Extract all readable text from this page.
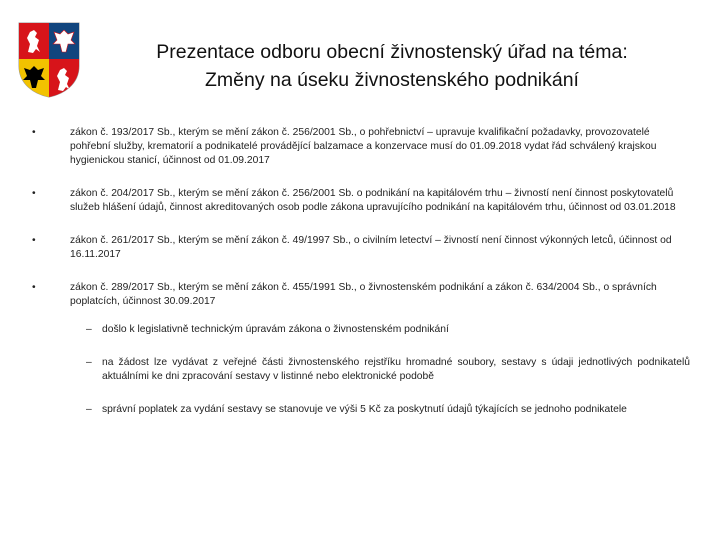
Prezentace odboru obecní živnostenský úřad na téma:
Změny na úseku živnostenského podnikání
•	zákon č. 193/2017 Sb., kterým se mění zákon č. 256/2001 Sb., o pohřebnictví – upravuje kvalifikační požadavky, provozovatelé pohřební služby, krematorií a podnikatelé provádějící balzamace a konzervace musí do 01.09.2018 vydat řád schválený krajskou hygienickou stanicí, účinnost od 01.09.2017
•	zákon č. 204/2017 Sb., kterým se mění zákon č. 256/2001 Sb. o podnikání na kapitálovém trhu – živností není činnost poskytovatelů služeb hlášení údajů, činnost akreditovaných osob podle zákona upravujícího podnikání na kapitálovém trhu, účinnost od 03.01.2018
•	zákon č. 261/2017 Sb., kterým se mění zákon č. 49/1997 Sb., o civilním letectví – živností není činnost výkonných letců, účinnost od 16.11.2017
•	zákon č. 289/2017 Sb., kterým se mění zákon č. 455/1991 Sb., o živnostenském podnikání a zákon č. 634/2004 Sb., o správních poplatcích, účinnost 30.09.2017
– došlo k legislativně technickým úpravám zákona o živnostenském podnikání
– na žádost lze vydávat z veřejné části živnostenského rejstříku hromadné soubory, sestavy s údaji jednotlivých podnikatelů aktuálními ke dni zpracování sestavy v listinné nebo elektronické podobě
– správní poplatek za vydání sestavy se stanovuje ve výši 5 Kč za poskytnutí údajů týkajících se jednoho podnikatele
